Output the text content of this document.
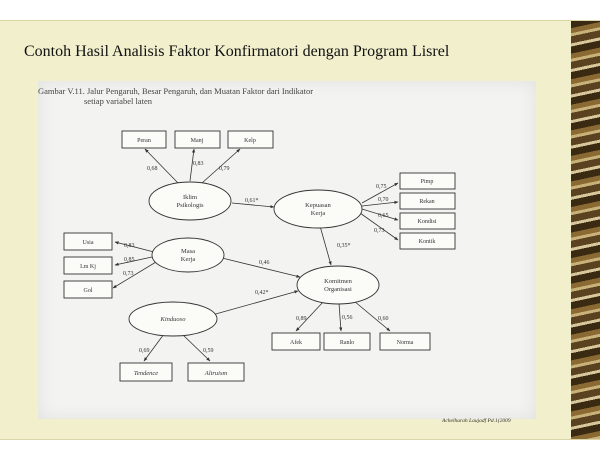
Contoh Hasil Analisis Faktor Konfirmatori dengan Program Lisrel
Gambar V.11. Jalur Pengaruh, Besar Pengaruh, dan Muatan Faktor dari Indikator
setiap variabel laten
0,68
0,83
0,79
0,61*
0,75
0,70
0,65
0,73
0,35*
0,83
0,85
0,73
0,46
0,42*
0,89	0,56	0,60
0,69	0,59
Peran	Manj	Kelp
Pimp
Rekan
Kondisi
Kontik
Usia
Lm Kj
Gol
Afek	Ranlo	Norma
Tendence	Altruism
Iklim
Psikologis	Kepuasan
Kerja
Masa
Kerja
Komitmen
Organisasi
Kinduoso
Achelhurah Laujadf Pd.1(2009
